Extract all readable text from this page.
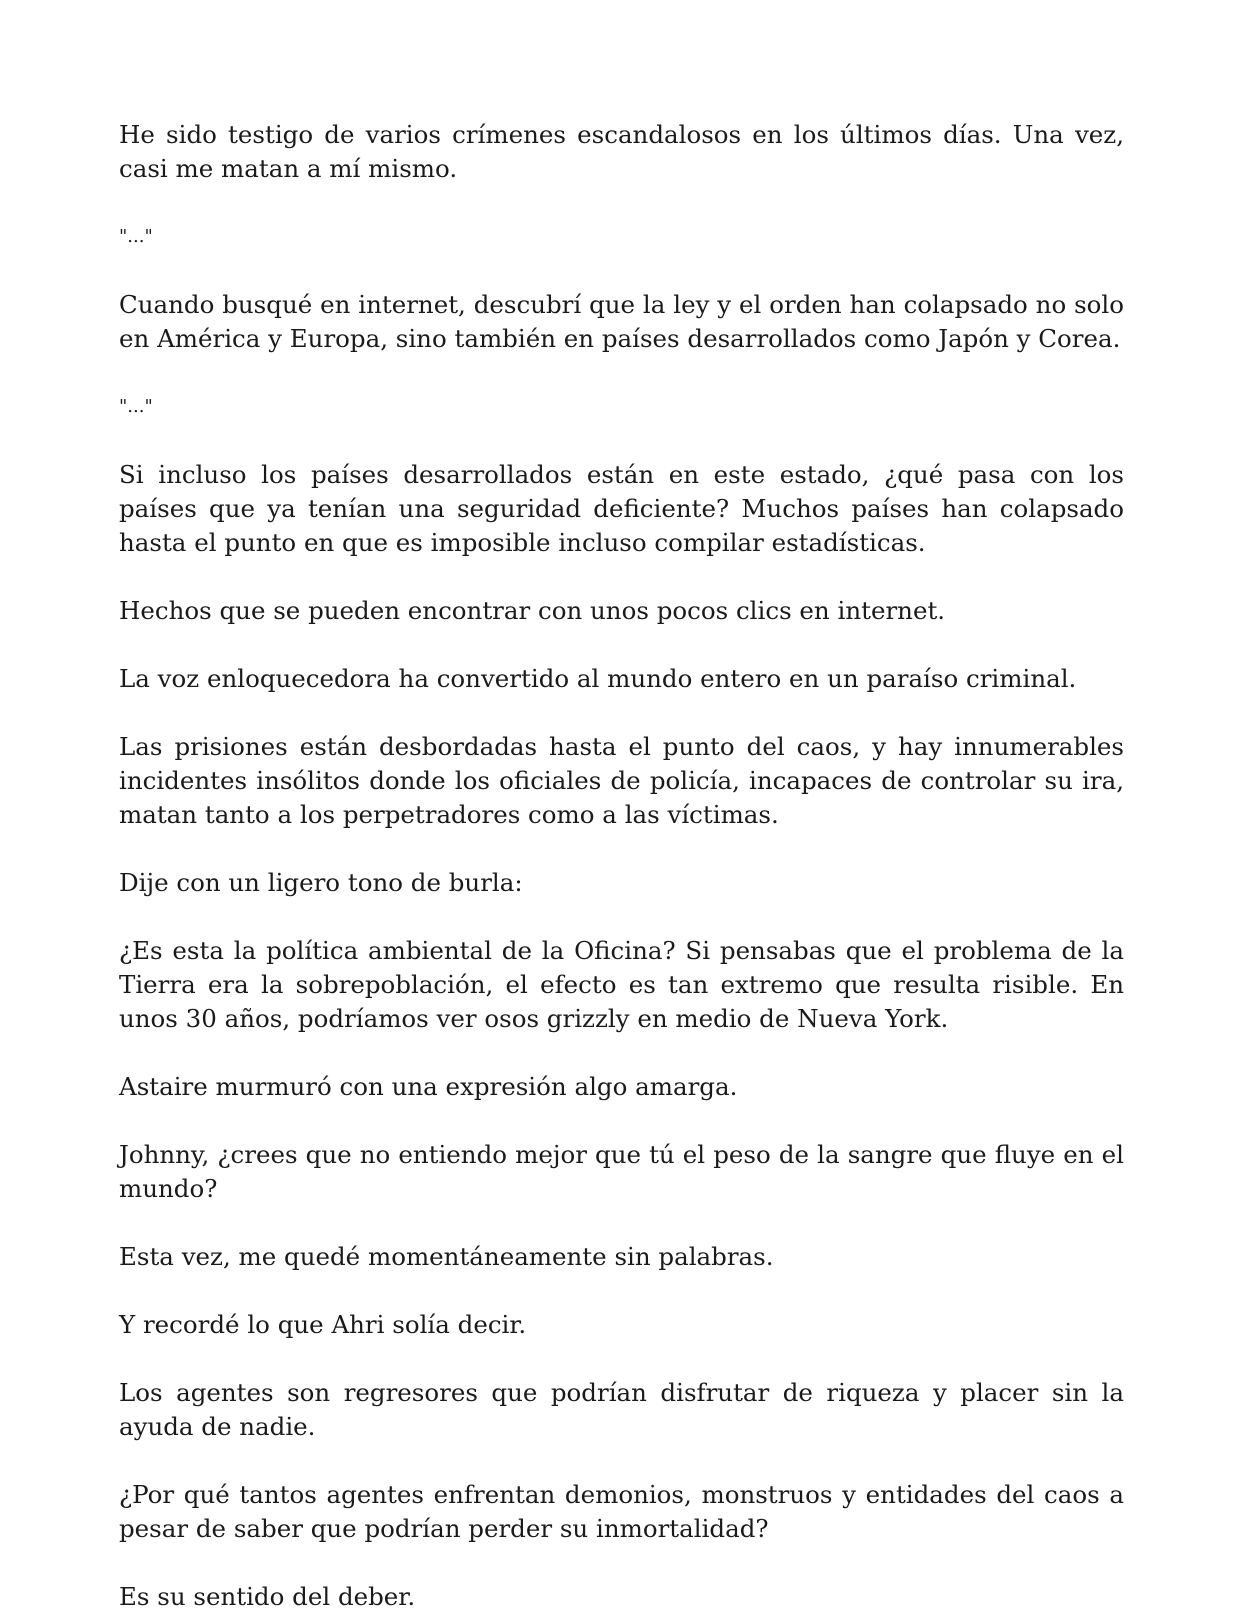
He sido testigo de varios crímenes escandalosos en los últimos días. Una vez, casi me matan a mí mismo.

"..."

Cuando busqué en internet, descubrí que la ley y el orden han colapsado no solo en América y Europa, sino también en países desarrollados como Japón y Corea.

"..."

Si incluso los países desarrollados están en este estado, ¿qué pasa con los países que ya tenían una seguridad deficiente? Muchos países han colapsado hasta el punto en que es imposible incluso compilar estadísticas.

Hechos que se pueden encontrar con unos pocos clics en internet.

La voz enloquecedora ha convertido al mundo entero en un paraíso criminal.

Las prisiones están desbordadas hasta el punto del caos, y hay innumerables incidentes insólitos donde los oficiales de policía, incapaces de controlar su ira, matan tanto a los perpetradores como a las víctimas.

Dije con un ligero tono de burla:

¿Es esta la política ambiental de la Oficina? Si pensabas que el problema de la Tierra era la sobrepoblación, el efecto es tan extremo que resulta risible. En unos 30 años, podríamos ver osos grizzly en medio de Nueva York.

Astaire murmuró con una expresión algo amarga.

Johnny, ¿crees que no entiendo mejor que tú el peso de la sangre que fluye en el mundo?

Esta vez, me quedé momentáneamente sin palabras.

Y recordé lo que Ahri solía decir.

Los agentes son regresores que podrían disfrutar de riqueza y placer sin la ayuda de nadie.

¿Por qué tantos agentes enfrentan demonios, monstruos y entidades del caos a pesar de saber que podrían perder su inmortalidad?

Es su sentido del deber.
